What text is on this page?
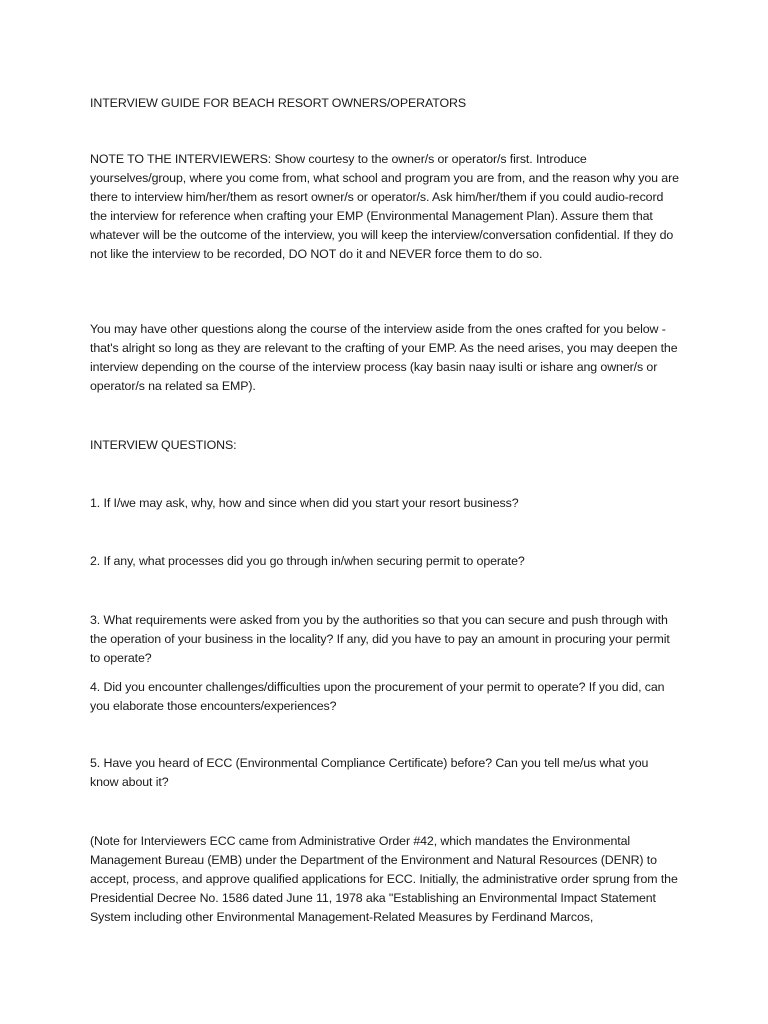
INTERVIEW GUIDE FOR BEACH RESORT OWNERS/OPERATORS

NOTE TO THE INTERVIEWERS: Show courtesy to the owner/s or operator/s first. Introduce yourselves/group, where you come from, what school and program you are from, and the reason why you are there to interview him/her/them as resort owner/s or operator/s. Ask him/her/them if you could audio-record the interview for reference when crafting your EMP (Environmental Management Plan). Assure them that whatever will be the outcome of the interview, you will keep the interview/conversation confidential. If they do not like the interview to be recorded, DO NOT do it and NEVER force them to do so.

You may have other questions along the course of the interview aside from the ones crafted for you below - that's alright so long as they are relevant to the crafting of your EMP. As the need arises, you may deepen the interview depending on the course of the interview process (kay basin naay isulti or ishare ang owner/s or operator/s na related sa EMP).

INTERVIEW QUESTIONS:

1. If I/we may ask, why, how and since when did you start your resort business?

2. If any, what processes did you go through in/when securing permit to operate?

3. What requirements were asked from you by the authorities so that you can secure and push through with the operation of your business in the locality? If any, did you have to pay an amount in procuring your permit to operate?

4. Did you encounter challenges/difficulties upon the procurement of your permit to operate? If you did, can you elaborate those encounters/experiences?

5. Have you heard of ECC (Environmental Compliance Certificate) before? Can you tell me/us what you know about it?

(Note for Interviewers ECC came from Administrative Order #42, which mandates the Environmental Management Bureau (EMB) under the Department of the Environment and Natural Resources (DENR) to accept, process, and approve qualified applications for ECC. Initially, the administrative order sprung from the Presidential Decree No. 1586 dated June 11, 1978 aka "Establishing an Environmental Impact Statement System including other Environmental Management-Related Measures by Ferdinand Marcos,
